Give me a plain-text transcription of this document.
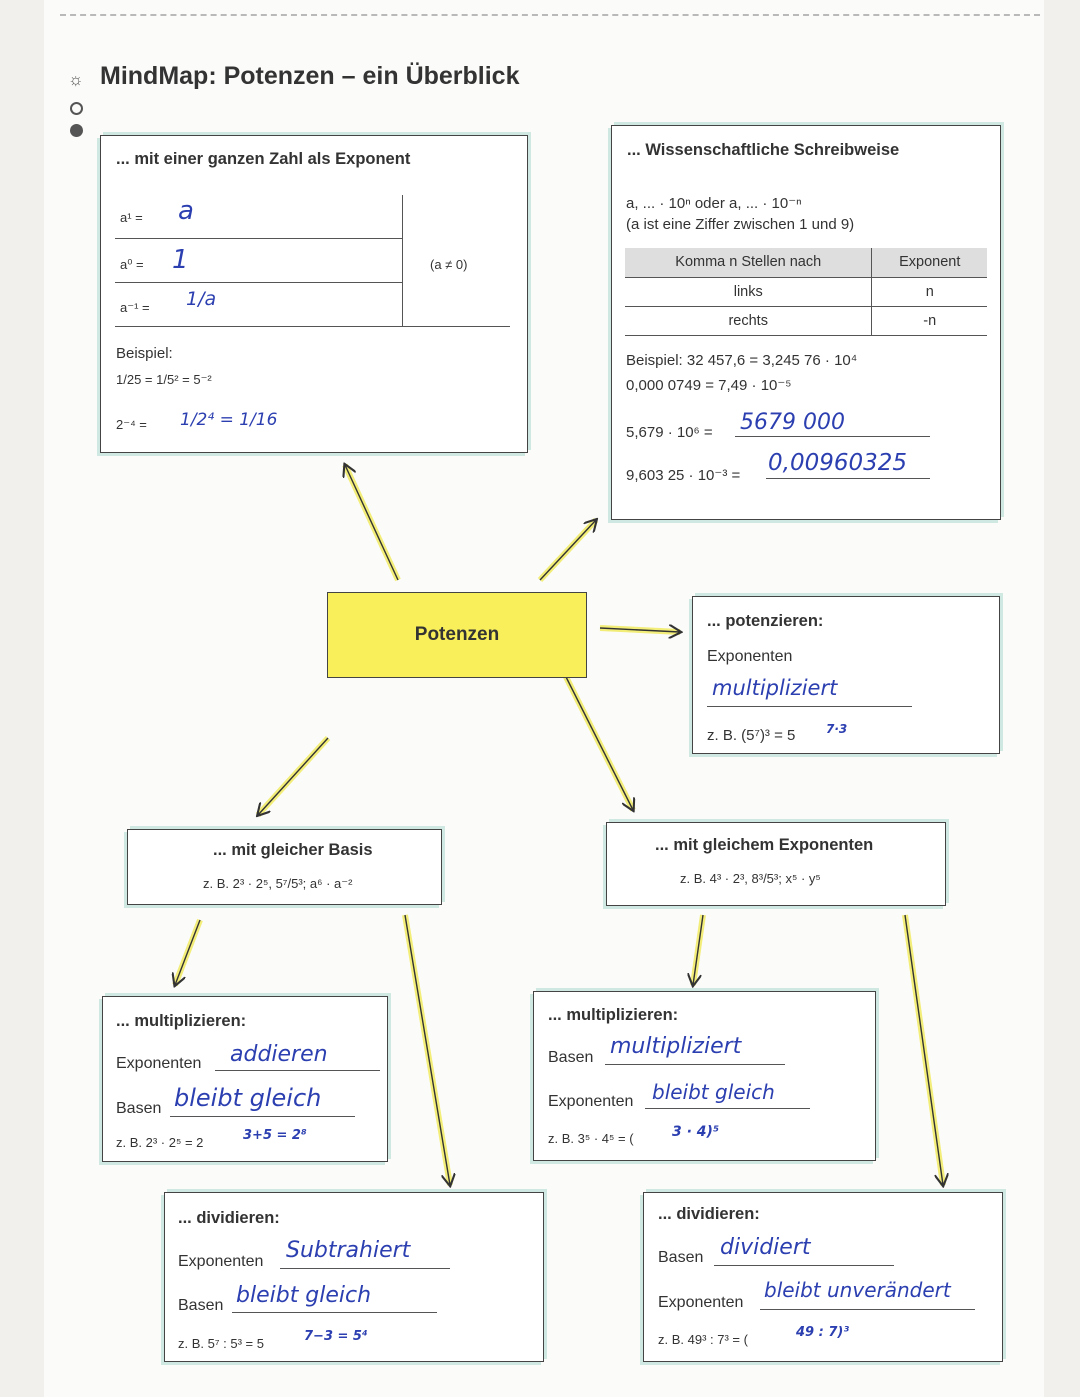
☼ MindMap: Potenzen – ein Überblick
... mit einer ganzen Zahl als Exponent
a¹ = a
a⁰ = 1
a⁻¹ = 1/a
(a ≠ 0)
Beispiel:
1/25 = 1/5² = 5⁻²
2⁻⁴ = 1/2⁴ = 1/16
... Wissenschaftliche Schreibweise
a, ... · 10ⁿ oder a, ... · 10⁻ⁿ
(a ist eine Ziffer zwischen 1 und 9)
Komma n Stellen nach	Exponent
links	n
rechts	-n
Beispiel: 32 457,6 = 3,245 76 · 10⁴
0,000 0749 = 7,49 · 10⁻⁵
5,679 · 10⁶ = 5679 000
9,603 25 · 10⁻³ = 0,00960325
Potenzen
... potenzieren:
Exponenten
multipliziert
z. B. (5⁷)³ = 5	7·3
... mit gleicher Basis
z. B. 2³ · 2⁵, 5⁷/5³; a⁶ · a⁻²
... mit gleichem Exponenten
z. B. 4³ · 2³, 8³/5³; x⁵ · y⁵
... multiplizieren:
Exponenten addieren
Basen bleibt gleich
z. B. 2³ · 2⁵ = 2	3+5 = 2⁸
... multiplizieren:
Basen multipliziert
Exponenten bleibt gleich
z. B. 3⁵ · 4⁵ = (	3 · 4)⁵
... dividieren:
Exponenten Subtrahiert
Basen bleibt gleich
z. B. 5⁷ : 5³ = 5	7−3 = 5⁴
... dividieren:
Basen dividiert
Exponenten
bleibt unverändert
z. B. 49³ : 7³ = (	49 : 7)³
